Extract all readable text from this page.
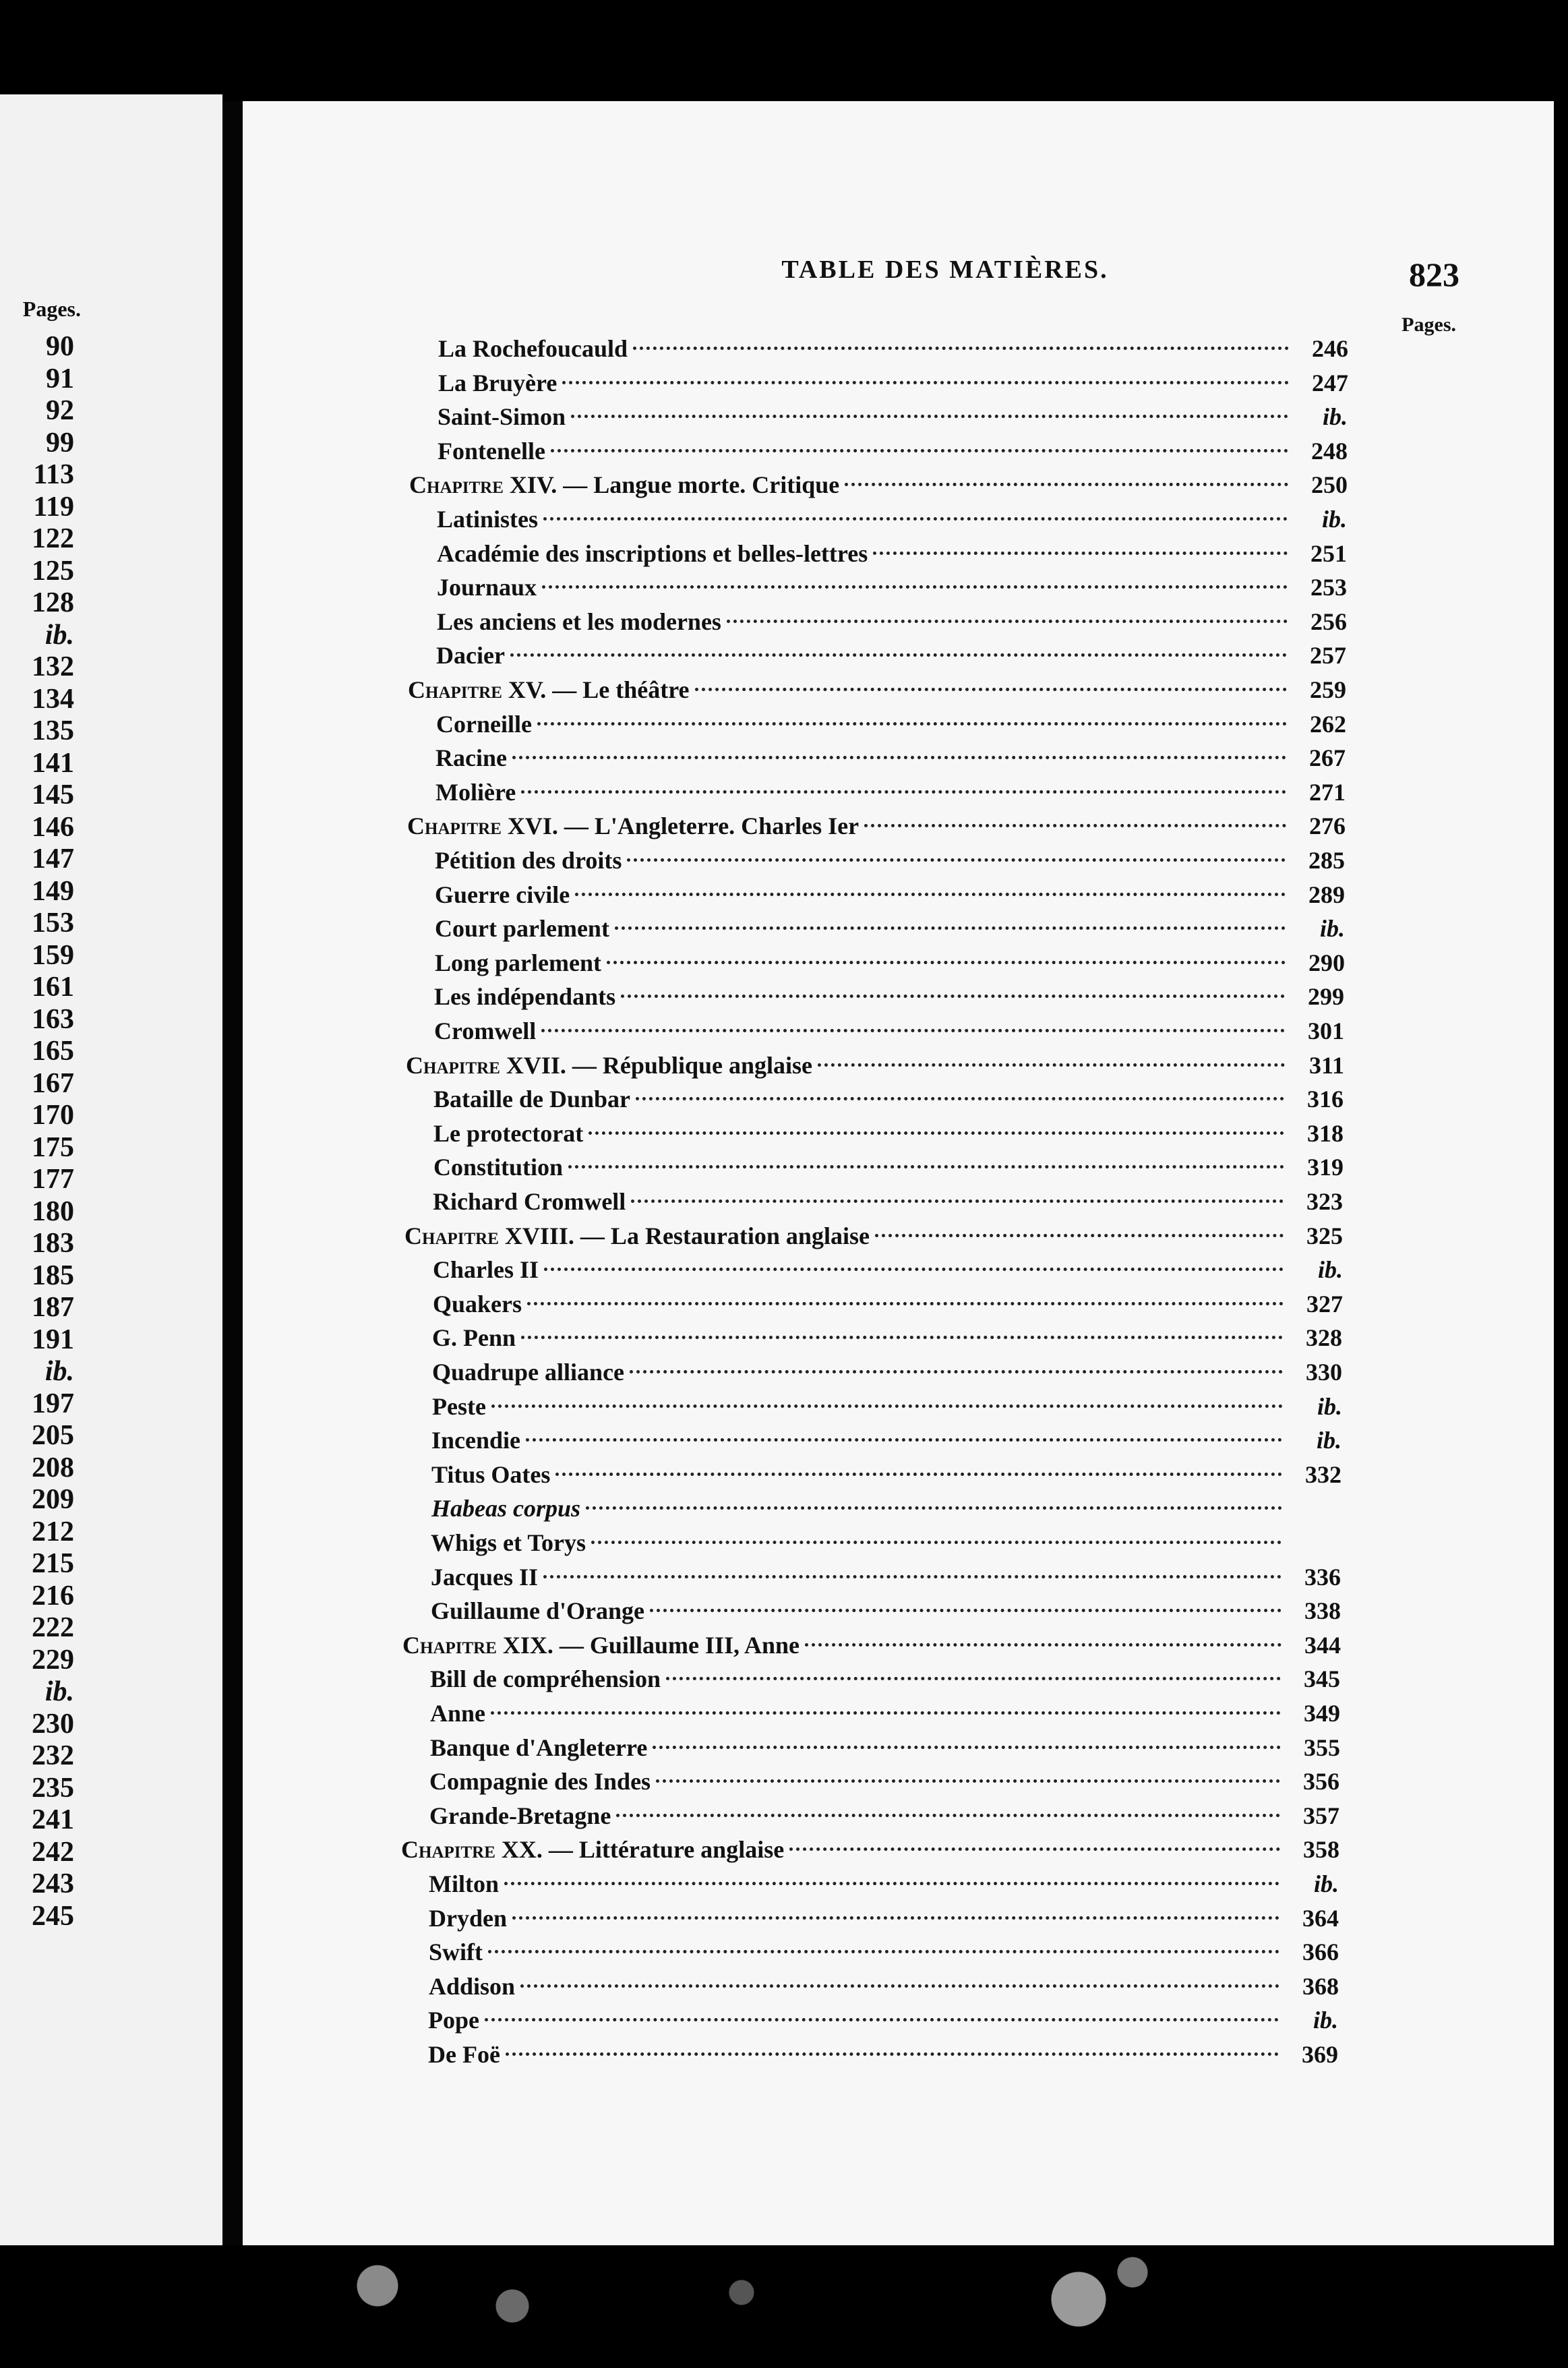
Pages.
90
91
92
99
113
119
122
125
128
ib.
132
134
135
141
145
146
147
149
153
159
161
163
165
167
170
175
177
180
183
185
187
191
ib.
197
205
208
209
212
215
216
222
229
ib.
230
232
235
241
242
243
245
TABLE DES MATIÈRES.	823
Pages.
La Rochefoucauld	246
La Bruyère	247
Saint-Simon	ib.
Fontenelle	248
Chapitre XIV. — Langue morte. Critique	250
Latinistes	ib.
Académie des inscriptions et belles-lettres	251
Journaux	253
Les anciens et les modernes	256
Dacier	257
Chapitre XV. — Le théâtre	259
Corneille	262
Racine	267
Molière	271
Chapitre XVI. — L'Angleterre. Charles Ier	276
Pétition des droits	285
Guerre civile	289
Court parlement	ib.
Long parlement	290
Les indépendants	299
Cromwell	301
Chapitre XVII. — République anglaise	311
Bataille de Dunbar	316
Le protectorat	318
Constitution	319
Richard Cromwell	323
Chapitre XVIII. — La Restauration anglaise	325
Charles II	ib.
Quakers	327
G. Penn	328
Quadrupe alliance	330
Peste	ib.
Incendie	ib.
Titus Oates	332
Habeas corpus
Whigs et Torys
Jacques II	336
Guillaume d'Orange	338
Chapitre XIX. — Guillaume III, Anne	344
Bill de compréhension	345
Anne	349
Banque d'Angleterre	355
Compagnie des Indes	356
Grande-Bretagne	357
Chapitre XX. — Littérature anglaise	358
Milton	ib.
Dryden	364
Swift	366
Addison	368
Pope	ib.
De Foë	369
